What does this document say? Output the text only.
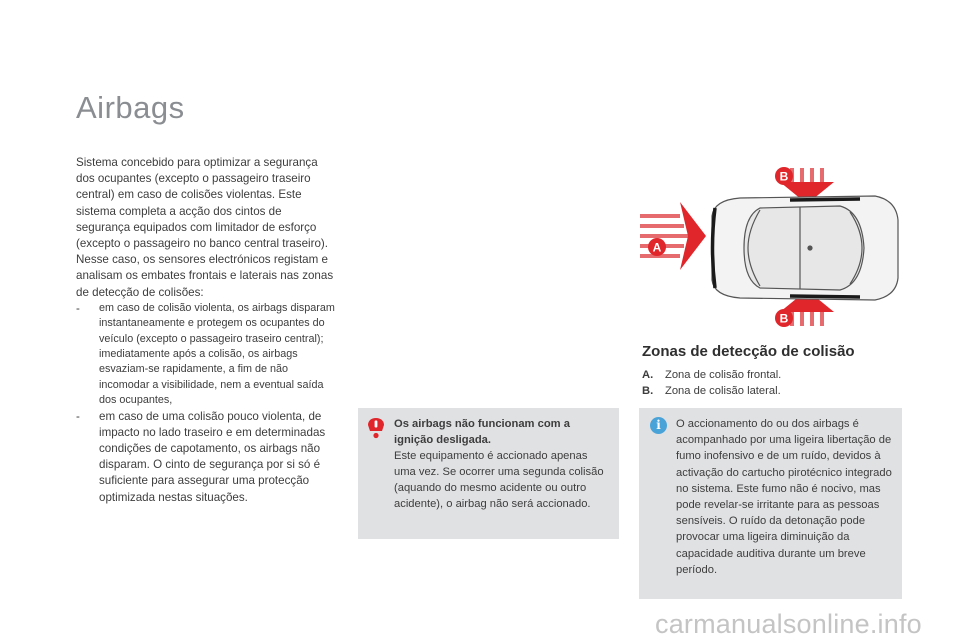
Airbags

Sistema concebido para optimizar a segurança dos ocupantes (excepto o passageiro traseiro central) em caso de colisões violentas. Este sistema completa a acção dos cintos de segurança equipados com limitador de esforço (excepto o passageiro no banco central traseiro). Nesse caso, os sensores electrónicos registam e analisam os embates frontais e laterais nas zonas de detecção de colisões:

-	em caso de colisão violenta, os airbags disparam instantaneamente e protegem os ocupantes do veículo (excepto o passageiro traseiro central); imediatamente após a colisão, os airbags esvaziam-se rapidamente, a fim de não incomodar a visibilidade, nem a eventual saída dos ocupantes,
-	em caso de uma colisão pouco violenta, de impacto no lado traseiro e em determinadas condições de capotamento, os airbags não disparam. O cinto de segurança por si só é suficiente para assegurar uma protecção optimizada nestas situações.
Os airbags não funcionam com a ignição desligada.
Este equipamento é accionado apenas uma vez. Se ocorrer uma segunda colisão (aquando do mesmo acidente ou outro acidente), o airbag não será accionado.
A
B
B
Zonas de detecção de colisão
A.	Zona de colisão frontal.
B.	Zona de colisão lateral.
i	O accionamento do ou dos airbags é acompanhado por uma ligeira libertação de fumo inofensivo e de um ruído, devidos à activação do cartucho pirotécnico integrado no sistema. Este fumo não é nocivo, mas pode revelar-se irritante para as pessoas sensíveis. O ruído da detonação pode provocar uma ligeira diminuição da capacidade auditiva durante um breve período.
carmanualsonline.info
